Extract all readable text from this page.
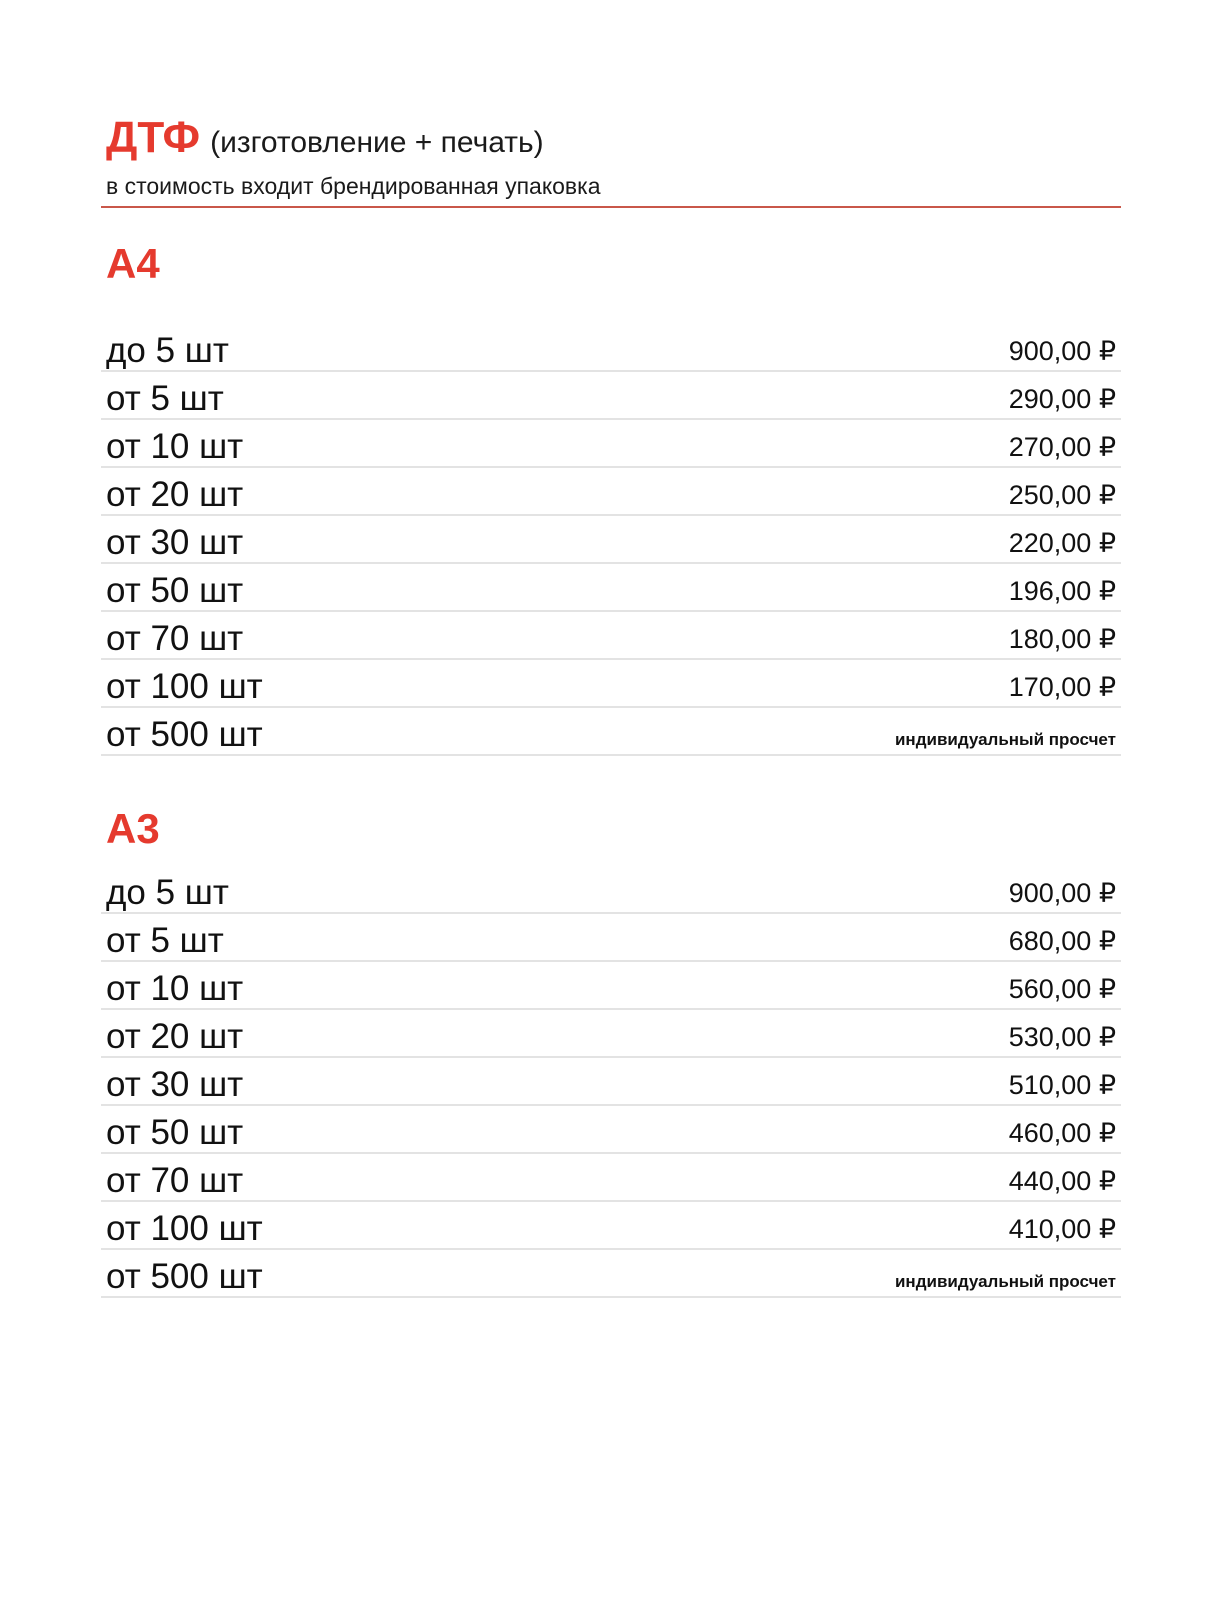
ДТФ (изготовление + печать)
в стоимость входит брендированная упаковка
А4
до 5 шт	900,00 ₽
от 5 шт	290,00 ₽
от 10 шт	270,00 ₽
от 20 шт	250,00 ₽
от 30 шт	220,00 ₽
от 50 шт	196,00 ₽
от 70 шт	180,00 ₽
от 100 шт	170,00 ₽
от 500 шт	индивидуальный просчет
А3
до 5 шт	900,00 ₽
от 5 шт	680,00 ₽
от 10 шт	560,00 ₽
от 20 шт	530,00 ₽
от 30 шт	510,00 ₽
от 50 шт	460,00 ₽
от 70 шт	440,00 ₽
от 100 шт	410,00 ₽
от 500 шт	индивидуальный просчет
